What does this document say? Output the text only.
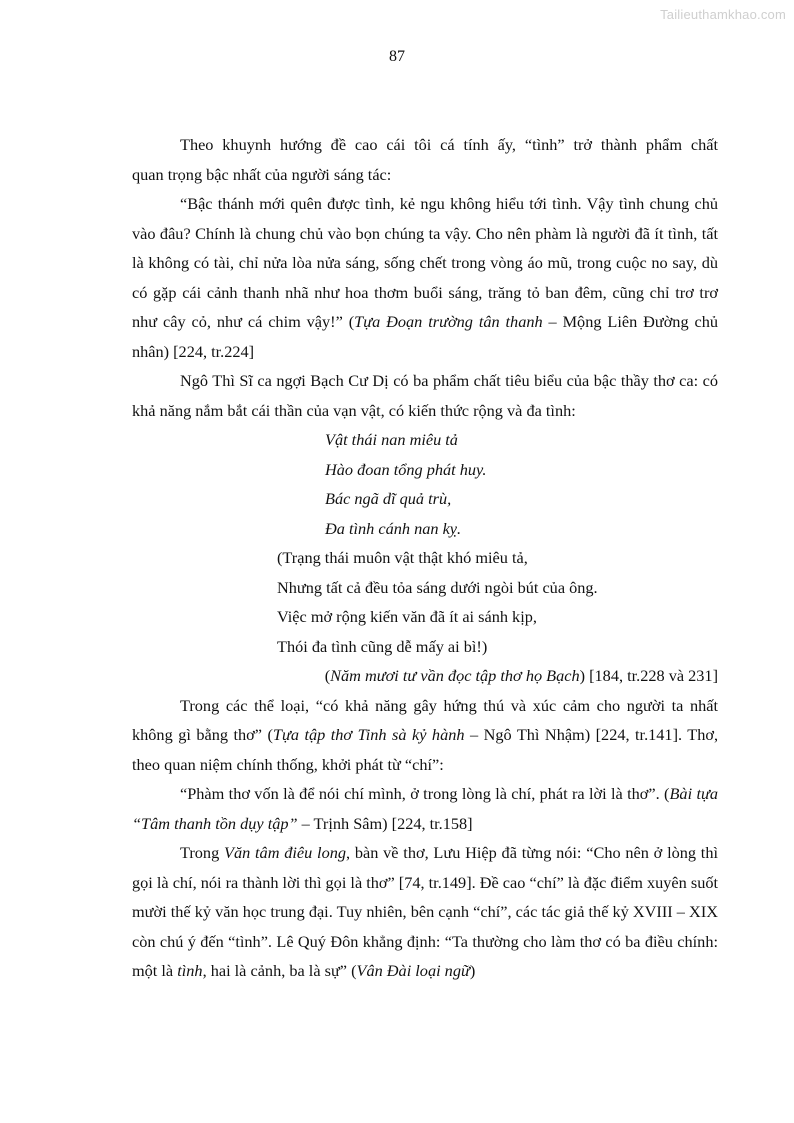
Tailieuthamkhao.com
87

Theo khuynh hướng đề cao cái tôi cá tính ấy, “tình” trở thành phẩm chất

quan trọng bậc nhất của người sáng tác:

“Bậc thánh mới quên được tình, kẻ ngu không hiểu tới tình. Vậy tình chung chủ vào đâu? Chính là chung chủ vào bọn chúng ta vậy. Cho nên phàm là người đã ít tình, tất là không có tài, chỉ nửa lòa nửa sáng, sống chết trong vòng áo mũ, trong cuộc no say, dù có gặp cái cảnh thanh nhã như hoa thơm buổi sáng, trăng tỏ ban đêm, cũng chỉ trơ trơ như cây cỏ, như cá chim vậy!” (Tựa Đoạn trường tân thanh – Mộng Liên Đường chủ nhân) [224, tr.224]

Ngô Thì Sĩ ca ngợi Bạch Cư Dị có ba phẩm chất tiêu biểu của bậc thầy thơ ca: có khả năng nắm bắt cái thần của vạn vật, có kiến thức rộng và đa tình:

Vật thái nan miêu tả

Hào đoan tổng phát huy.

Bác ngã dĩ quả trù,

Đa tình cánh nan kỵ.

(Trạng thái muôn vật thật khó miêu tả,

Nhưng tất cả đều tỏa sáng dưới ngòi bút của ông.

Việc mở rộng kiến văn đã ít ai sánh kịp,

Thói đa tình cũng dễ mấy ai bì!)

(Năm mươi tư vần đọc tập thơ họ Bạch) [184, tr.228 và 231]

Trong các thể loại, “có khả năng gây hứng thú và xúc cảm cho người ta nhất không gì bằng thơ” (Tựa tập thơ Tinh sà kỷ hành – Ngô Thì Nhậm) [224, tr.141]. Thơ, theo quan niệm chính thống, khởi phát từ “chí”:

“Phàm thơ vốn là để nói chí mình, ở trong lòng là chí, phát ra lời là thơ”. (Bài tựa “Tâm thanh tồn dụy tập” – Trịnh Sâm) [224, tr.158]

Trong Văn tâm điêu long, bàn về thơ, Lưu Hiệp đã từng nói: “Cho nên ở lòng thì gọi là chí, nói ra thành lời thì gọi là thơ” [74, tr.149]. Đề cao “chí” là đặc điểm xuyên suốt mười thế kỷ văn học trung đại. Tuy nhiên, bên cạnh “chí”, các tác giả thế kỷ XVIII – XIX còn chú ý đến “tình”. Lê Quý Đôn khẳng định: “Ta thường cho làm thơ có ba điều chính: một là tình, hai là cảnh, ba là sự” (Vân Đài loại ngữ)
